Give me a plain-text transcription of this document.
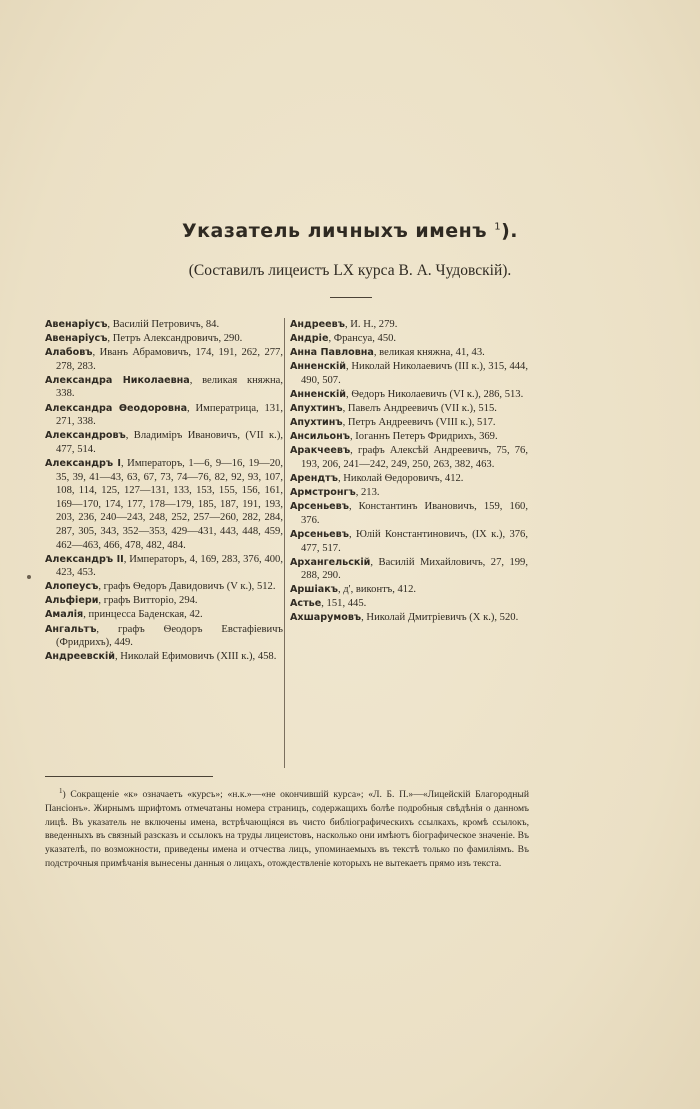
Указатель личныхъ именъ $^1$).
(Составилъ лицеистъ LX курса В. А. Чудовскій).

Авенаріусъ, Василій Петровичъ, 84.

Авенаріусъ, Петръ Александровичъ, 290.

Алабовъ, Иванъ Абрамовичъ, 174, 191, 262, 277, 278, 283.

Александра Николаевна, великая княжна, 338.

Александра Ѳеодоровна, Императрица, 131, 271, 338.

Александровъ, Владиміръ Ивановичъ, (VII к.), 477, 514.

Александръ I, Императоръ, 1—6, 9—16, 19—20, 35, 39, 41—43, 63, 67, 73, 74—76, 82, 92, 93, 107, 108, 114, 125, 127—131, 133, 153, 155, 156, 161, 169—170, 174, 177, 178—179, 185, 187, 191, 193, 203, 236, 240—243, 248, 252, 257—260, 282, 284, 287, 305, 343, 352—353, 429—431, 443, 448, 459, 462—463, 466, 478, 482, 484.

Александръ II, Императоръ, 4, 169, 283, 376, 400, 423, 453.

Алопеусъ, графъ Ѳедоръ Давидовичъ (V к.), 512.

Альфіери, графъ Витторіо, 294.

Амалія, принцесса Баденская, 42.

Ангальтъ, графъ Ѳеодоръ Евстафіевичъ (Фридрихъ), 449.

Андреевскій, Николай Ефимовичъ (XIII к.), 458.

Андреевъ, И. Н., 279.

Андріе, Франсуа, 450.

Анна Павловна, великая княжна, 41, 43.

Анненскій, Николай Николаевичъ (III к.), 315, 444, 490, 507.

Анненскій, Ѳедоръ Николаевичъ (VI к.), 286, 513.

Апухтинъ, Павелъ Андреевичъ (VII к.), 515.

Апухтинъ, Петръ Андреевичъ (VIII к.), 517.

Ансильонъ, Іоганнъ Петеръ Фридрихъ, 369.

Аракчеевъ, графъ Алексѣй Андреевичъ, 75, 76, 193, 206, 241—242, 249, 250, 263, 382, 463.

Арендтъ, Николай Ѳедоровичъ, 412.

Армстронгъ, 213.

Арсеньевъ, Константинъ Ивановичъ, 159, 160, 376.

Арсеньевъ, Юлій Константиновичъ, (IX к.), 376, 477, 517.

Архангельскій, Василій Михайловичъ, 27, 199, 288, 290.

Аршіакъ, д', виконтъ, 412.

Астье, 151, 445.

Ахшарумовъ, Николай Дмитріевичъ (X к.), 520.

$^1$) Сокращеніе «к» означаетъ «курсъ»; «н.к.»—«не окончившій курса»; «Л. Б. П.»—«Лицейскій Благородный Пансіонъ». Жирнымъ шрифтомъ отмечатаны номера страницъ, содержащихъ болѣе подробныя свѣдѣнія о данномъ лицѣ. Въ указатель не включены имена, встрѣчающіяся въ чисто библіографическихъ ссылкахъ, кромѣ ссылокъ, введенныхъ въ связный разсказъ и ссылокъ на труды лицеистовъ, насколько они имѣютъ біографическое значеніе. Въ указателѣ, по возможности, приведены имена и отчества лицъ, упоминаемыхъ въ текстѣ только по фамиліямъ. Въ подстрочныя примѣчанія вынесены данныя о лицахъ, отождествленіе которыхъ не вытекаетъ прямо изъ текста.
